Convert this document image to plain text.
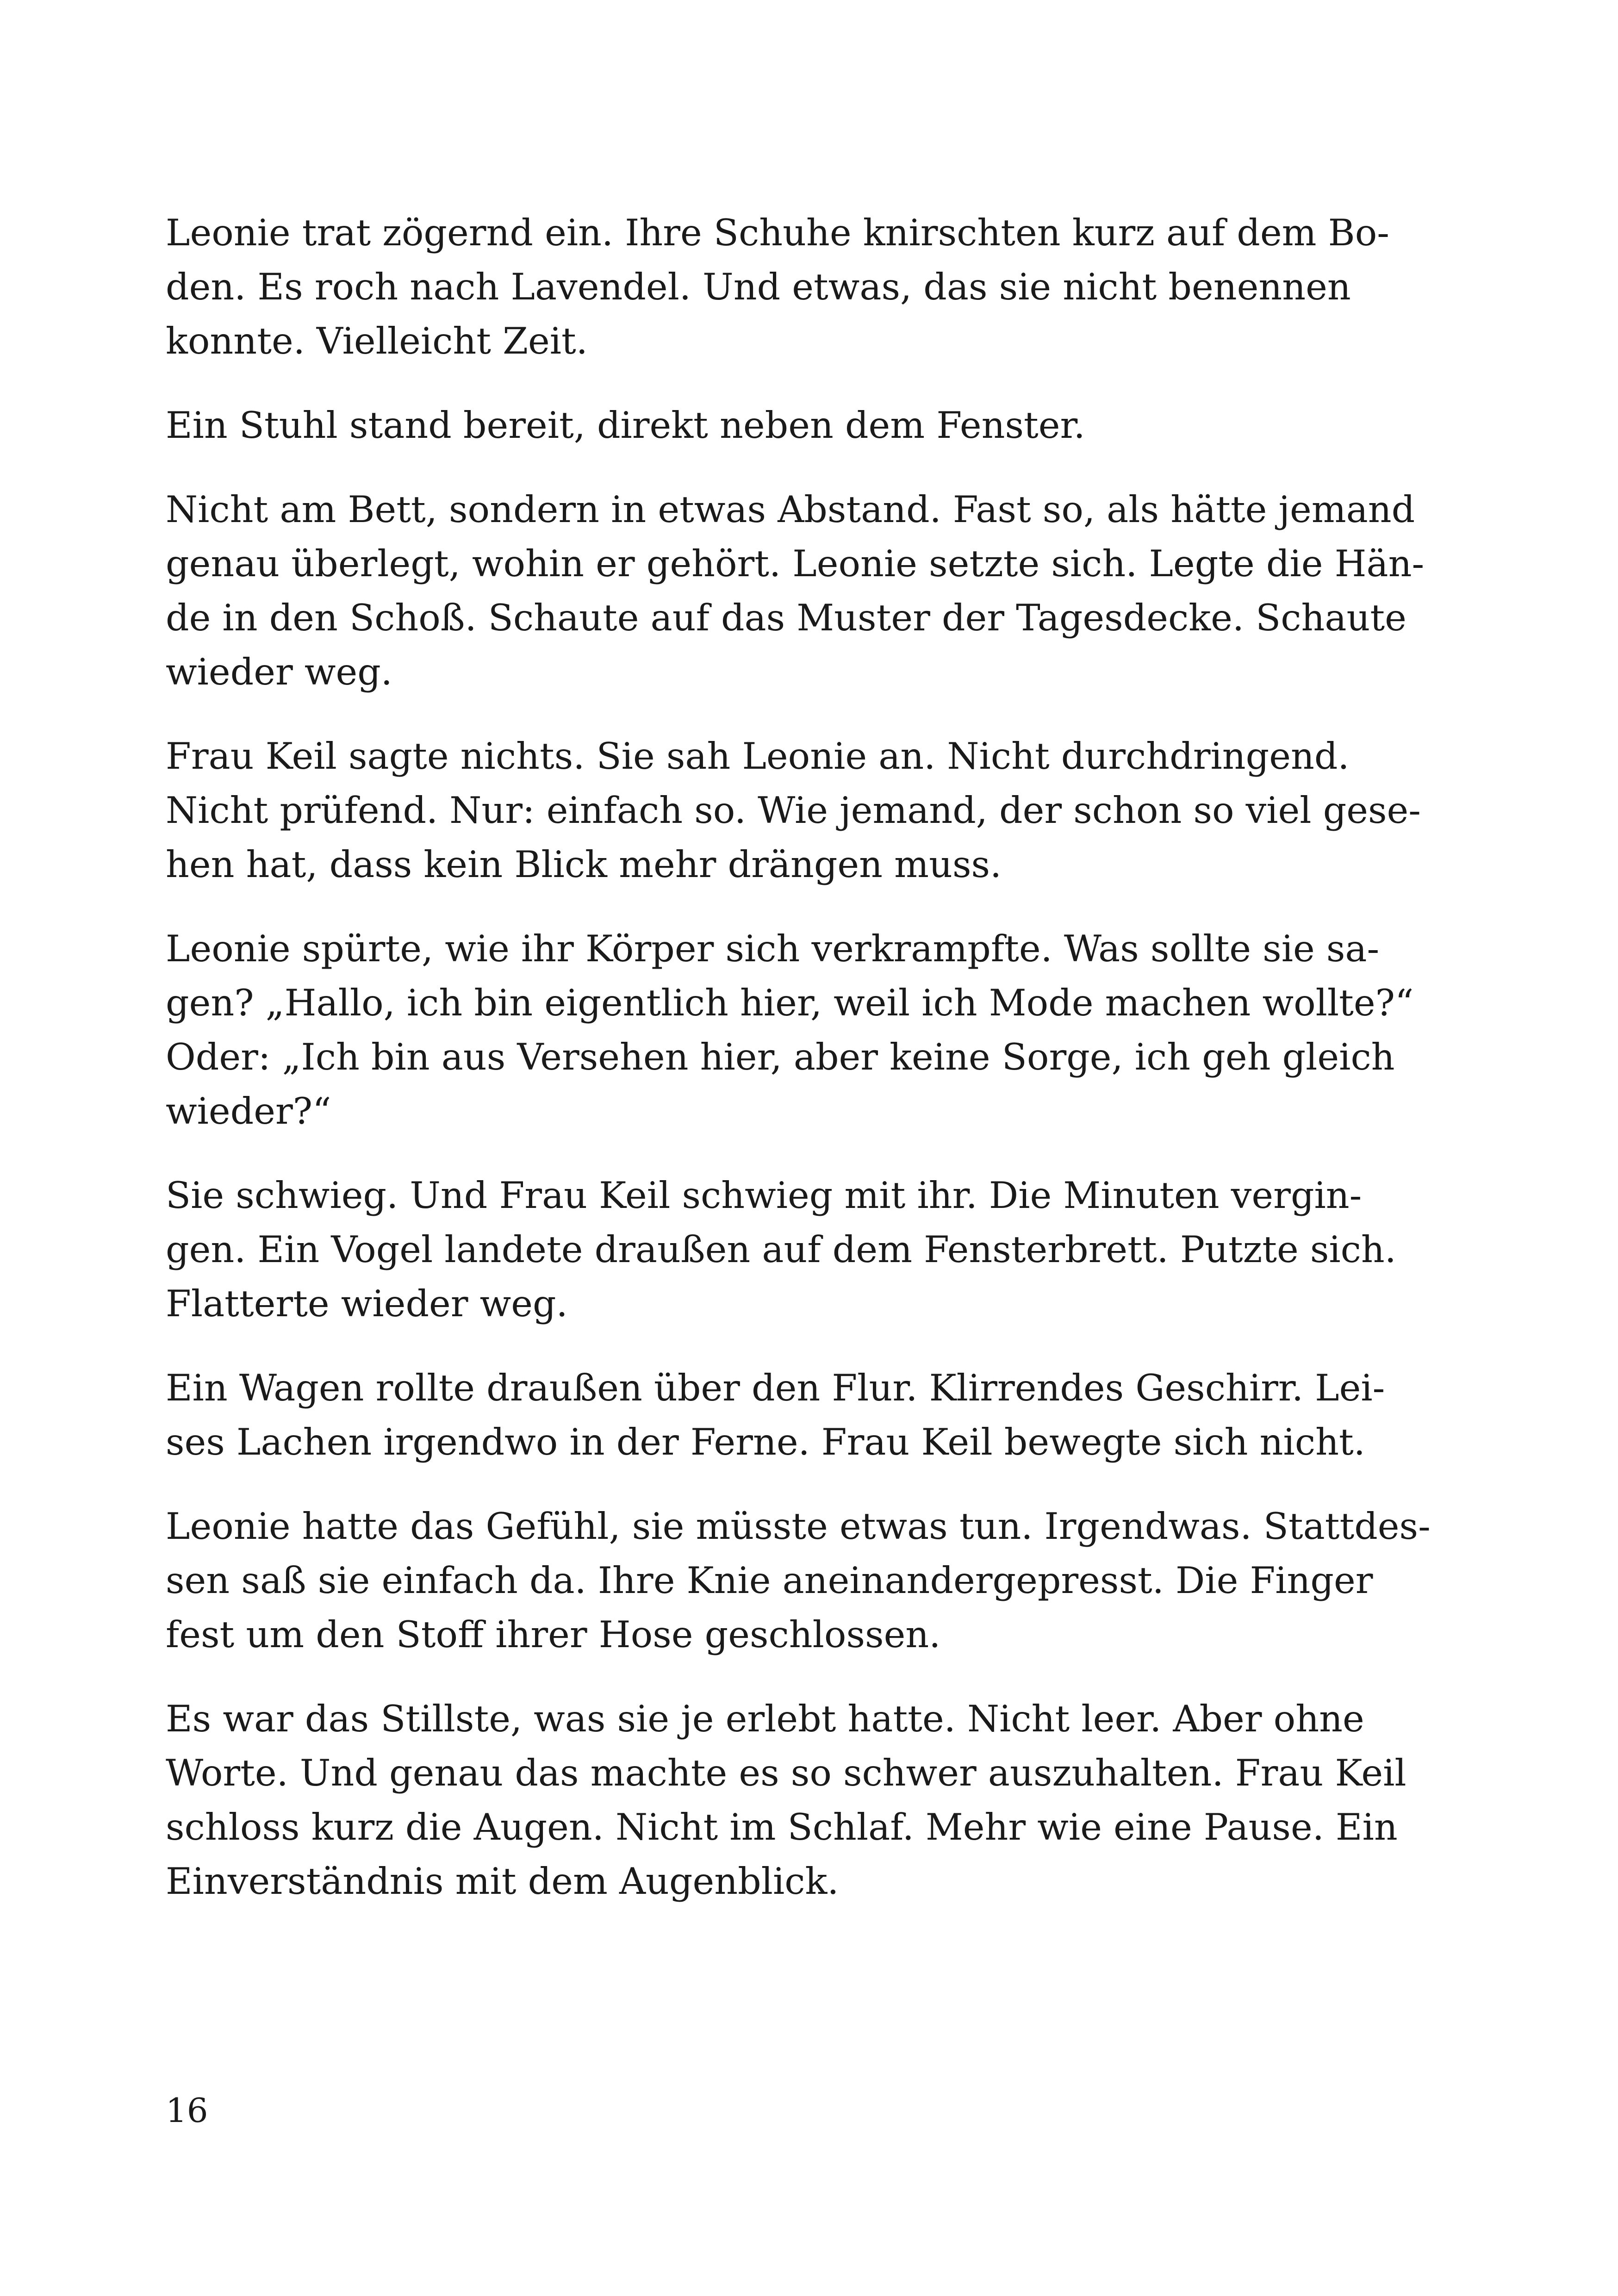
Leonie trat zögernd ein. Ihre Schuhe knirschten kurz auf dem Bo-
den. Es roch nach Lavendel. Und etwas, das sie nicht benennen
konnte. Vielleicht Zeit.

Ein Stuhl stand bereit, direkt neben dem Fenster.

Nicht am Bett, sondern in etwas Abstand. Fast so, als hätte jemand
genau überlegt, wohin er gehört. Leonie setzte sich. Legte die Hän-
de in den Schoß. Schaute auf das Muster der Tagesdecke. Schaute
wieder weg.

Frau Keil sagte nichts. Sie sah Leonie an. Nicht durchdringend.
Nicht prüfend. Nur: einfach so. Wie jemand, der schon so viel gese-
hen hat, dass kein Blick mehr drängen muss.

Leonie spürte, wie ihr Körper sich verkrampfte. Was sollte sie sa-
gen? „Hallo, ich bin eigentlich hier, weil ich Mode machen wollte?“
Oder: „Ich bin aus Versehen hier, aber keine Sorge, ich geh gleich
wieder?“

Sie schwieg. Und Frau Keil schwieg mit ihr. Die Minuten vergin-
gen. Ein Vogel landete draußen auf dem Fensterbrett. Putzte sich.
Flatterte wieder weg.

Ein Wagen rollte draußen über den Flur. Klirrendes Geschirr. Lei-
ses Lachen irgendwo in der Ferne. Frau Keil bewegte sich nicht.

Leonie hatte das Gefühl, sie müsste etwas tun. Irgendwas. Stattdes-
sen saß sie einfach da. Ihre Knie aneinandergepresst. Die Finger
fest um den Stoff ihrer Hose geschlossen.

Es war das Stillste, was sie je erlebt hatte. Nicht leer. Aber ohne
Worte. Und genau das machte es so schwer auszuhalten. Frau Keil
schloss kurz die Augen. Nicht im Schlaf. Mehr wie eine Pause. Ein
Einverständnis mit dem Augenblick.

16
